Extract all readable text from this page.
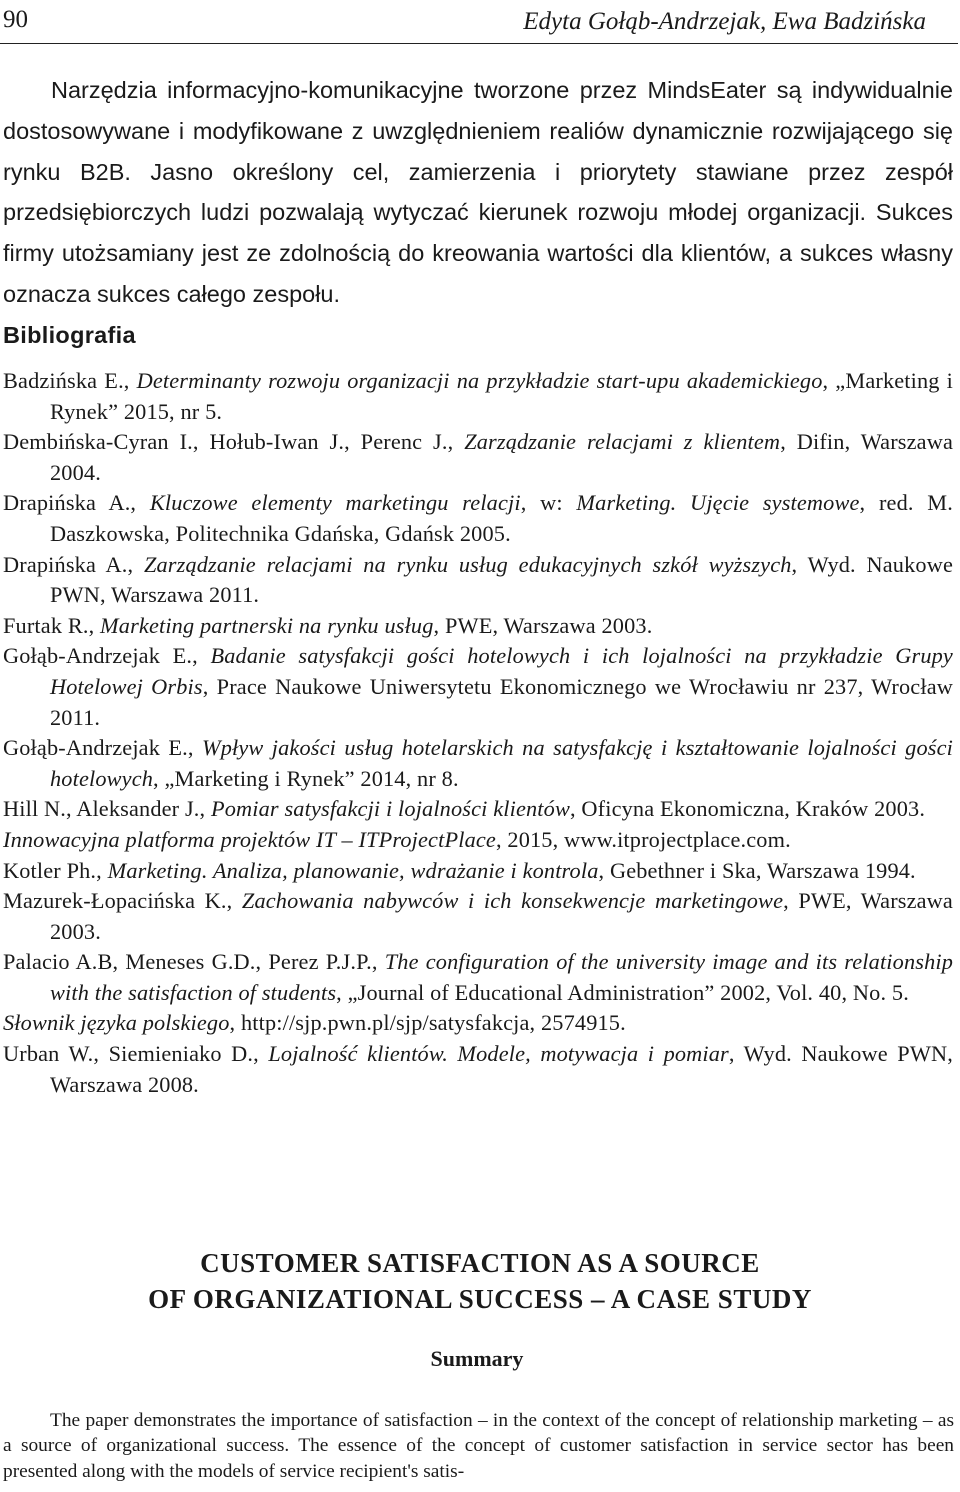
90	Edyta Gołąb-Andrzejak, Ewa Badzińska

Narzędzia informacyjno-komunikacyjne tworzone przez MindsEater są indywidualnie dostosowywane i modyfikowane z uwzględnieniem realiów dynamicznie rozwijającego się rynku B2B. Jasno określony cel, zamierzenia i priorytety stawiane przez zespół przedsiębiorczych ludzi pozwalają wytyczać kierunek rozwoju młodej organizacji. Sukces firmy utożsamiany jest ze zdolnością do kreowania wartości dla klientów, a sukces własny oznacza sukces całego zespołu.

Bibliografia
Badzińska E., Determinanty rozwoju organizacji na przykładzie start-upu akademickiego, „Marketing i Rynek” 2015, nr 5.
Dembińska-Cyran I., Hołub-Iwan J., Perenc J., Zarządzanie relacjami z klientem, Difin, Warszawa 2004.
Drapińska A., Kluczowe elementy marketingu relacji, w: Marketing. Ujęcie systemowe, red. M. Daszkowska, Politechnika Gdańska, Gdańsk 2005.
Drapińska A., Zarządzanie relacjami na rynku usług edukacyjnych szkół wyższych, Wyd. Naukowe PWN, Warszawa 2011.
Furtak R., Marketing partnerski na rynku usług, PWE, Warszawa 2003.
Gołąb-Andrzejak E., Badanie satysfakcji gości hotelowych i ich lojalności na przykładzie Grupy Hotelowej Orbis, Prace Naukowe Uniwersytetu Ekonomicznego we Wrocławiu nr 237, Wrocław 2011.
Gołąb-Andrzejak E., Wpływ jakości usług hotelarskich na satysfakcję i kształtowanie lojalności gości hotelowych, „Marketing i Rynek” 2014, nr 8.
Hill N., Aleksander J., Pomiar satysfakcji i lojalności klientów, Oficyna Ekonomiczna, Kraków 2003.
Innowacyjna platforma projektów IT – ITProjectPlace, 2015, www.itprojectplace.com.
Kotler Ph., Marketing. Analiza, planowanie, wdrażanie i kontrola, Gebethner i Ska, Warszawa 1994.
Mazurek-Łopacińska K., Zachowania nabywców i ich konsekwencje marketingowe, PWE, Warszawa 2003.
Palacio A.B, Meneses G.D., Perez P.J.P., The configuration of the university image and its relationship with the satisfaction of students, „Journal of Educational Administration” 2002, Vol. 40, No. 5.
Słownik języka polskiego, http://sjp.pwn.pl/sjp/satysfakcja, 2574915.
Urban W., Siemieniako D., Lojalność klientów. Modele, motywacja i pomiar, Wyd. Naukowe PWN, Warszawa 2008.
CUSTOMER SATISFACTION AS A SOURCE
OF ORGANIZATIONAL SUCCESS – A CASE STUDY
Summary

The paper demonstrates the importance of satisfaction – in the context of the concept of relationship marketing – as a source of organizational success. The essence of the concept of customer satisfaction in service sector has been presented along with the models of service recipient's satis-
